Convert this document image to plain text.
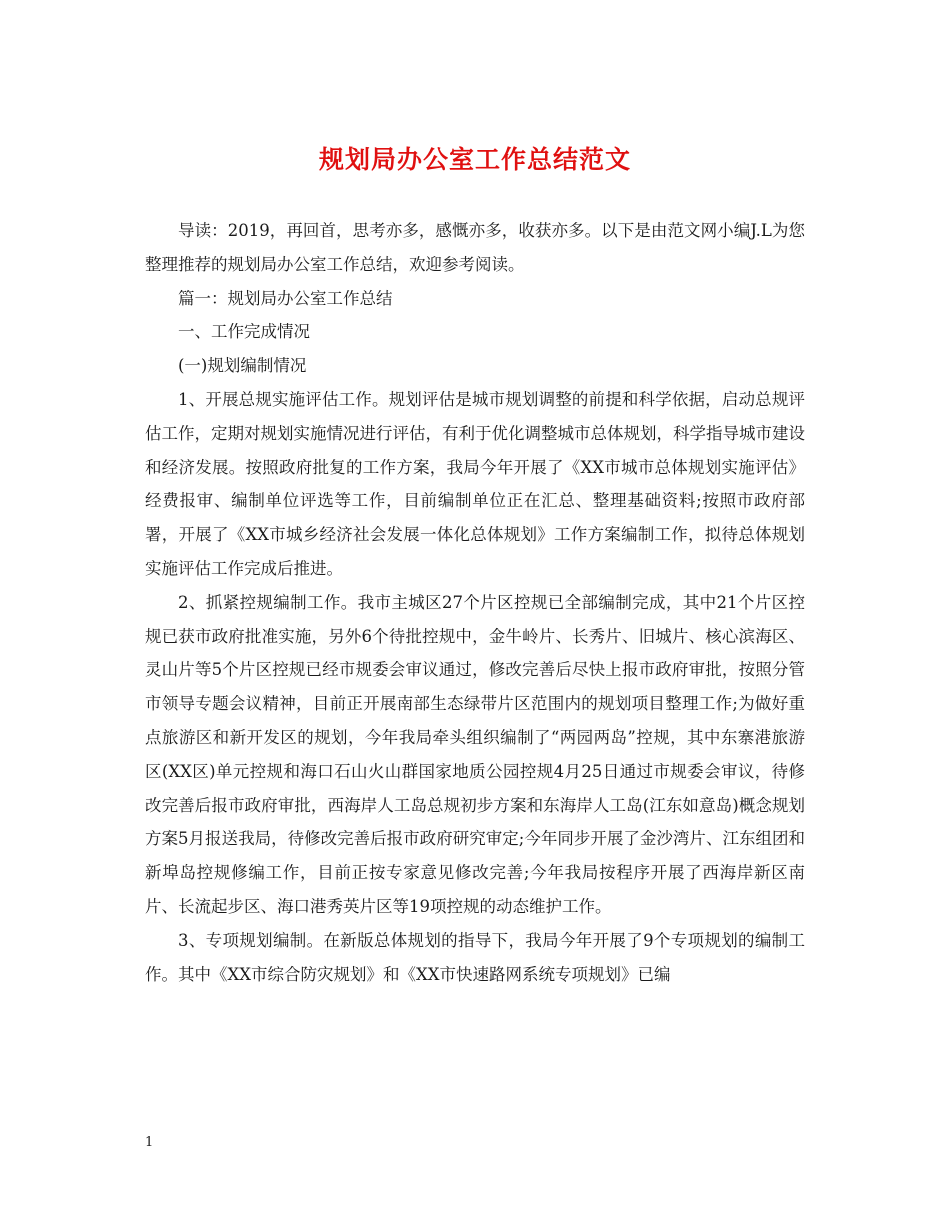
规划局办公室工作总结范文

导读：2019，再回首，思考亦多，感慨亦多，收获亦多。以下是由范文网小编J.L为您整理推荐的规划局办公室工作总结，欢迎参考阅读。

篇一：规划局办公室工作总结

一、工作完成情况

(一)规划编制情况

1、开展总规实施评估工作。规划评估是城市规划调整的前提和科学依据，启动总规评估工作，定期对规划实施情况进行评估，有利于优化调整城市总体规划，科学指导城市建设和经济发展。按照政府批复的工作方案，我局今年开展了《XX市城市总体规划实施评估》经费报审、编制单位评选等工作，目前编制单位正在汇总、整理基础资料;按照市政府部署，开展了《XX市城乡经济社会发展一体化总体规划》工作方案编制工作，拟待总体规划实施评估工作完成后推进。

2、抓紧控规编制工作。我市主城区27个片区控规已全部编制完成，其中21个片区控规已获市政府批准实施，另外6个待批控规中，金牛岭片、长秀片、旧城片、核心滨海区、灵山片等5个片区控规已经市规委会审议通过，修改完善后尽快上报市政府审批，按照分管市领导专题会议精神，目前正开展南部生态绿带片区范围内的规划项目整理工作;为做好重点旅游区和新开发区的规划，今年我局牵头组织编制了“两园两岛”控规，其中东寨港旅游区(XX区)单元控规和海口石山火山群国家地质公园控规4月25日通过市规委会审议，待修改完善后报市政府审批，西海岸人工岛总规初步方案和东海岸人工岛(江东如意岛)概念规划方案5月报送我局，待修改完善后报市政府研究审定;今年同步开展了金沙湾片、江东组团和新埠岛控规修编工作，目前正按专家意见修改完善;今年我局按程序开展了西海岸新区南片、长流起步区、海口港秀英片区等19项控规的动态维护工作。

3、专项规划编制。在新版总体规划的指导下，我局今年开展了9个专项规划的编制工作。其中《XX市综合防灾规划》和《XX市快速路网系统专项规划》已编

1
